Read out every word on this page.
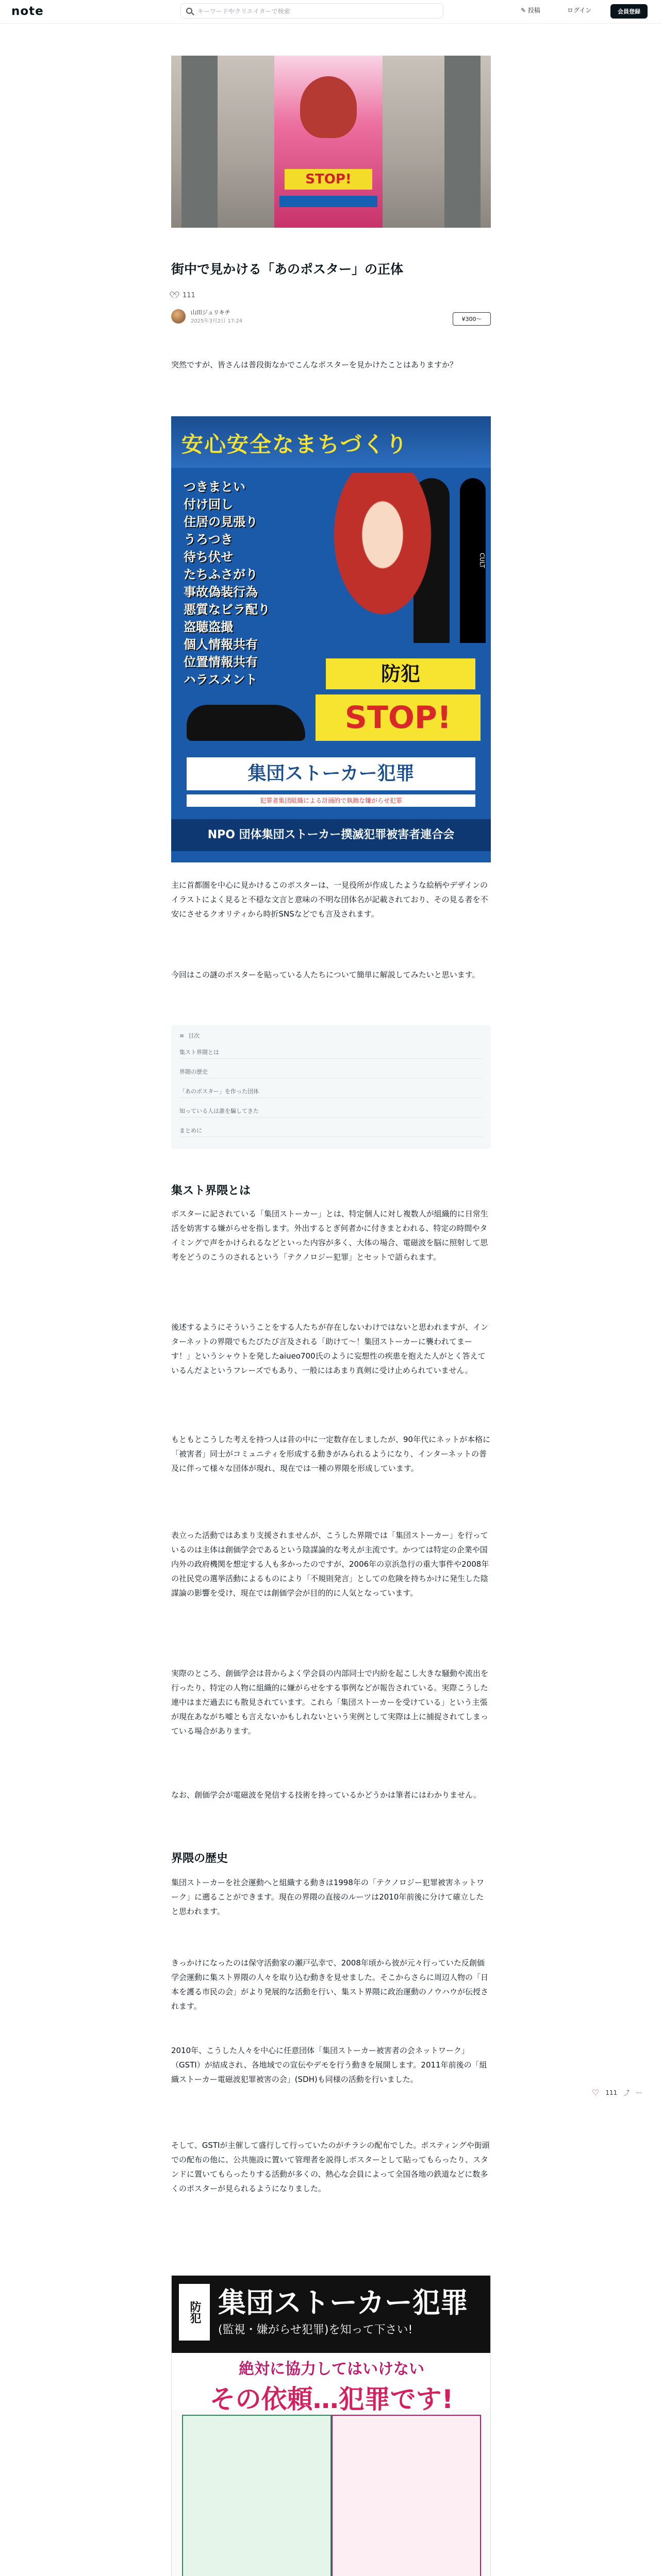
note	キーワードやクリエイターで検索	✎ 投稿	ログイン	会員登録
STOP!
街中で見かける「あのポスター」の正体
111
山田ジュリキチ
2025年3月2日 17:24	¥300〜
突然ですが、皆さんは普段街なかでこんなポスターを見かけたことはありますか？
安心安全なまちづくり
つきまとい
付け回し
住居の見張り
うろつき
待ち伏せ
たちふさがり
事故偽装行為
悪質なビラ配り
盗聴盗撮
個人情報共有
位置情報共有
ハラスメント
CULT
防犯
STOP!
集団ストーカー犯罪
犯罪者集団組織による計画的で執拗な嫌がらせ犯罪
NPO 団体集団ストーカー撲滅犯罪被害者連合会
主に首都圏を中心に見かけるこのポスターは、一見役所が作成したような絵柄やデザインのイラストによく見ると不穏な文言と意味の不明な団体名が記載されており、その見る者を不安にさせるクオリティから時折SNSなどでも言及されます。
今回はこの謎のポスターを貼っている人たちについて簡単に解説してみたいと思います。
≡ 目次
集スト界隈とは
界隈の歴史
「あのポスター」を作った団体
知っている人は誰を騙してきた
まとめに
集スト界隈とは
ポスターに記されている「集団ストーカー」とは、特定個人に対し複数人が組織的に日常生活を妨害する嫌がらせを指します。外出するとぎ何者かに付きまとわれる、特定の時間やタイミングで声をかけられるなどといった内容が多く、大体の場合、電磁波を脳に照射して思考をどうのこうのされるという「テクノロジー犯罪」とセットで語られます。
後述するようにそういうことをする人たちが存在しないわけではないと思われますが、インターネットの界隈でもたびたび言及される「助けて〜！集団ストーカーに襲われてまーす！」というシャウトを発したaiueo700氏のように妄想性の疾患を抱えた人がとく答えているんだよというフレーズでもあり、一般にはあまり真剣に受け止められていません。
もともとこうした考えを持つ人は昔の中に一定数存在しましたが、90年代にネットが本格に「被害者」同士がコミュニティを形成する動きがみられるようになり、インターネットの普及に伴って様々な団体が現れ、現在では一種の界隈を形成しています。
表立った活動ではあまり支援されませんが、こうした界隈では「集団ストーカー」を行っているのは主体は創価学会であるという陰謀論的な考えが主流です。かつては特定の企業や国内外の政府機関を想定する人も多かったのですが、2006年の京浜急行の重大事件や2008年の社民党の選挙活動によるものにより「不規則発言」としての危険を持ちかけに発生した陰謀論の影響を受け、現在では創価学会が目的的に人気となっています。
実際のところ、創価学会は昔からよく学会員の内部同士で内紛を起こし大きな騒動や流出を行ったり、特定の人物に組織的に嫌がらせをする事例などが報告されている。実際こうした連中はまだ過去にも散見されています。これら「集団ストーカーを受けている」という主張が現在あながち嘘とも言えないかもしれないという実例として実際は上に捕捉されてしまっている場合があります。
なお、創価学会が電磁波を発信する技術を持っているかどうかは筆者にはわかりません。
界隈の歴史
集団ストーカーを社会運動へと組織する動きは1998年の「テクノロジー犯罪被害ネットワーク」に遡ることができます。現在の界隈の直接のルーツは2010年前後に分けて確立したと思われます。
きっかけになったのは保守活動家の瀬戸弘幸で、2008年頃から彼が元々行っていた反創価学会運動に集スト界隈の人々を取り込む動きを見せました。そこからさらに周辺人物の「日本を護る市民の会」がより発展的な活動を行い、集スト界隈に政治運動のノウハウが伝授されます。
2010年、こうした人々を中心に任意団体「集団ストーカー被害者の会ネットワーク」（GSTI）が結成され、各地域での宣伝やデモを行う動きを展開します。2011年前後の「組織ストーカー電磁波犯罪被害の会」(SDH)も同様の活動を行いました。
そして、GSTIが主催して盛行して行っていたのがチラシの配布でした。ポスティングや街頭での配布の他に、公共施設に置いて管理者を説得しポスターとして貼ってもらったり、スタンドに置いてもらったりする活動が多くの、熱心な会員によって全国各地の鉄道などに数多くのポスターが見られるようになりました。
♡ 111 ⤴ ⋯
防犯 集団ストーカー犯罪
(監視・嫌がらせ犯罪)を知って下さい!
絶対に協力してはいけない
その依頼…犯罪です!
